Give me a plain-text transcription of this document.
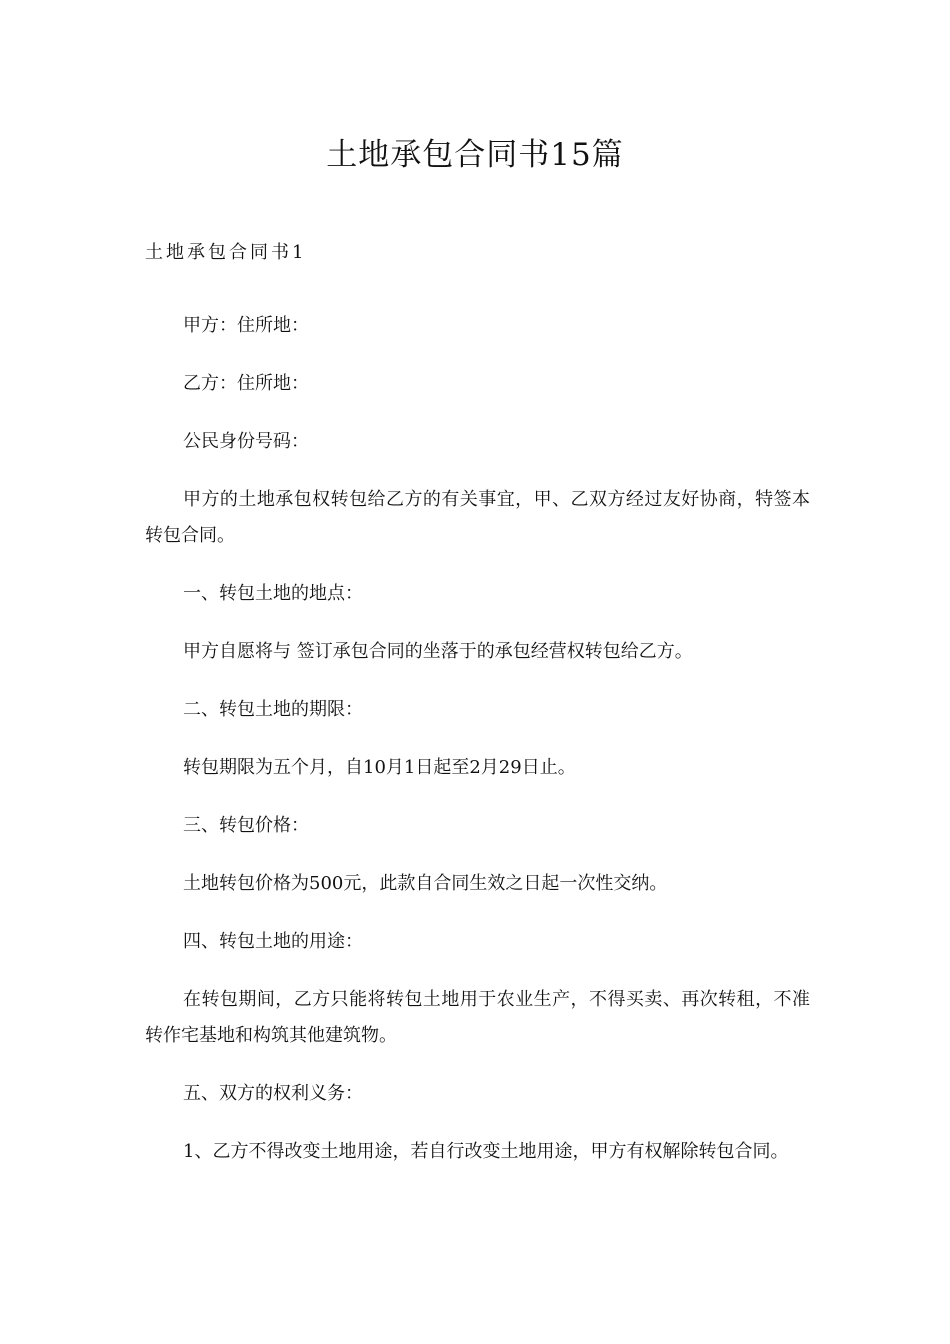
土地承包合同书15篇
土地承包合同书1

甲方：住所地：

乙方：住所地：

公民身份号码：

甲方的土地承包权转包给乙方的有关事宜，甲、乙双方经过友好协商，特签本转包合同。

一、转包土地的地点：

甲方自愿将与 签订承包合同的坐落于的承包经营权转包给乙方。

二、转包土地的期限：

转包期限为五个月，自10月1日起至2月29日止。

三、转包价格：

土地转包价格为500元，此款自合同生效之日起一次性交纳。

四、转包土地的用途：

在转包期间，乙方只能将转包土地用于农业生产，不得买卖、再次转租，不准转作宅基地和构筑其他建筑物。

五、双方的权利义务：

1、乙方不得改变土地用途，若自行改变土地用途，甲方有权解除转包合同。
